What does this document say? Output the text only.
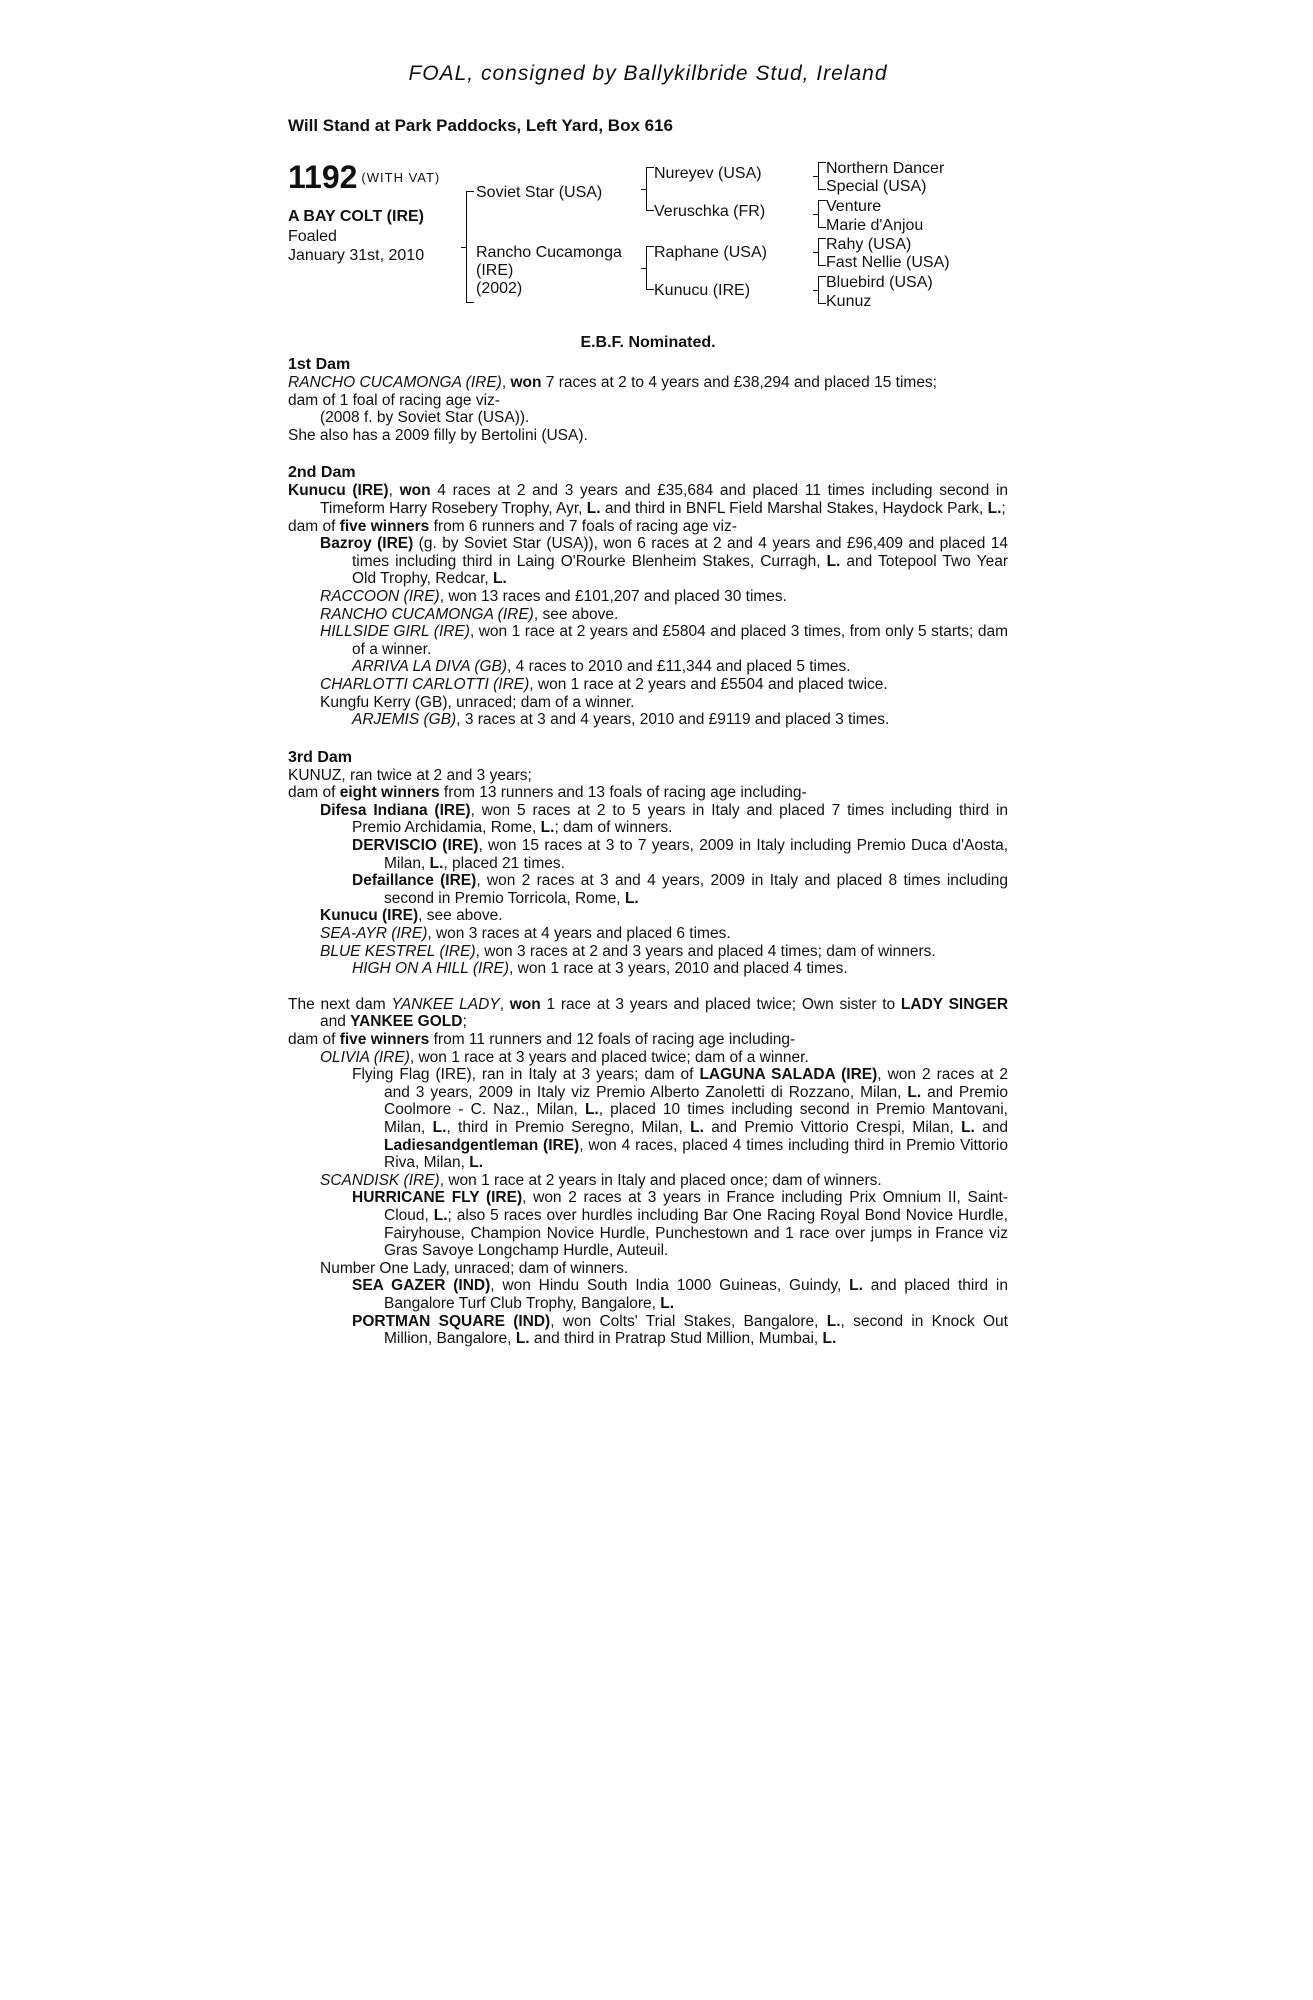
FOAL, consigned by Ballykilbride Stud, Ireland
Will Stand at Park Paddocks, Left Yard, Box 616
1192 $^{(WITH VAT)}$
A BAY COLT (IRE)
Foaled
January 31st, 2010
Soviet Star (USA)
Rancho Cucamonga
(IRE)
(2002)
Nureyev (USA)
Veruschka (FR)
Raphane (USA)
Kunucu (IRE)
Northern Dancer
Special (USA)
Venture
Marie d'Anjou
Rahy (USA)
Fast Nellie (USA)
Bluebird (USA)
Kunuz
E.B.F. Nominated.
1st Dam

RANCHO CUCAMONGA (IRE), won 7 races at 2 to 4 years and £38,294 and placed 15 times;

dam of 1 foal of racing age viz-

(2008 f. by Soviet Star (USA)).

She also has a 2009 filly by Bertolini (USA).

2nd Dam

Kunucu (IRE), won 4 races at 2 and 3 years and £35,684 and placed 11 times including second in Timeform Harry Rosebery Trophy, Ayr, L. and third in BNFL Field Marshal Stakes, Haydock Park, L.;

dam of five winners from 6 runners and 7 foals of racing age viz-

Bazroy (IRE) (g. by Soviet Star (USA)), won 6 races at 2 and 4 years and £96,409 and placed 14 times including third in Laing O'Rourke Blenheim Stakes, Curragh, L. and Totepool Two Year Old Trophy, Redcar, L.

RACCOON (IRE), won 13 races and £101,207 and placed 30 times.

RANCHO CUCAMONGA (IRE), see above.

HILLSIDE GIRL (IRE), won 1 race at 2 years and £5804 and placed 3 times, from only 5 starts; dam of a winner.

ARRIVA LA DIVA (GB), 4 races to 2010 and £11,344 and placed 5 times.

CHARLOTTI CARLOTTI (IRE), won 1 race at 2 years and £5504 and placed twice.

Kungfu Kerry (GB), unraced; dam of a winner.

ARJEMIS (GB), 3 races at 3 and 4 years, 2010 and £9119 and placed 3 times.

3rd Dam

KUNUZ, ran twice at 2 and 3 years;

dam of eight winners from 13 runners and 13 foals of racing age including-

Difesa Indiana (IRE), won 5 races at 2 to 5 years in Italy and placed 7 times including third in Premio Archidamia, Rome, L.; dam of winners.

DERVISCIO (IRE), won 15 races at 3 to 7 years, 2009 in Italy including Premio Duca d'Aosta, Milan, L., placed 21 times.

Defaillance (IRE), won 2 races at 3 and 4 years, 2009 in Italy and placed 8 times including second in Premio Torricola, Rome, L.

Kunucu (IRE), see above.

SEA-AYR (IRE), won 3 races at 4 years and placed 6 times.

BLUE KESTREL (IRE), won 3 races at 2 and 3 years and placed 4 times; dam of winners.

HIGH ON A HILL (IRE), won 1 race at 3 years, 2010 and placed 4 times.

The next dam YANKEE LADY, won 1 race at 3 years and placed twice; Own sister to LADY SINGER and YANKEE GOLD;

dam of five winners from 11 runners and 12 foals of racing age including-

OLIVIA (IRE), won 1 race at 3 years and placed twice; dam of a winner.

Flying Flag (IRE), ran in Italy at 3 years; dam of LAGUNA SALADA (IRE), won 2 races at 2 and 3 years, 2009 in Italy viz Premio Alberto Zanoletti di Rozzano, Milan, L. and Premio Coolmore - C. Naz., Milan, L., placed 10 times including second in Premio Mantovani, Milan, L., third in Premio Seregno, Milan, L. and Premio Vittorio Crespi, Milan, L. and Ladiesandgentleman (IRE), won 4 races, placed 4 times including third in Premio Vittorio Riva, Milan, L.

SCANDISK (IRE), won 1 race at 2 years in Italy and placed once; dam of winners.

HURRICANE FLY (IRE), won 2 races at 3 years in France including Prix Omnium II, Saint-Cloud, L.; also 5 races over hurdles including Bar One Racing Royal Bond Novice Hurdle, Fairyhouse, Champion Novice Hurdle, Punchestown and 1 race over jumps in France viz Gras Savoye Longchamp Hurdle, Auteuil.

Number One Lady, unraced; dam of winners.

SEA GAZER (IND), won Hindu South India 1000 Guineas, Guindy, L. and placed third in Bangalore Turf Club Trophy, Bangalore, L.

PORTMAN SQUARE (IND), won Colts' Trial Stakes, Bangalore, L., second in Knock Out Million, Bangalore, L. and third in Pratrap Stud Million, Mumbai, L.
